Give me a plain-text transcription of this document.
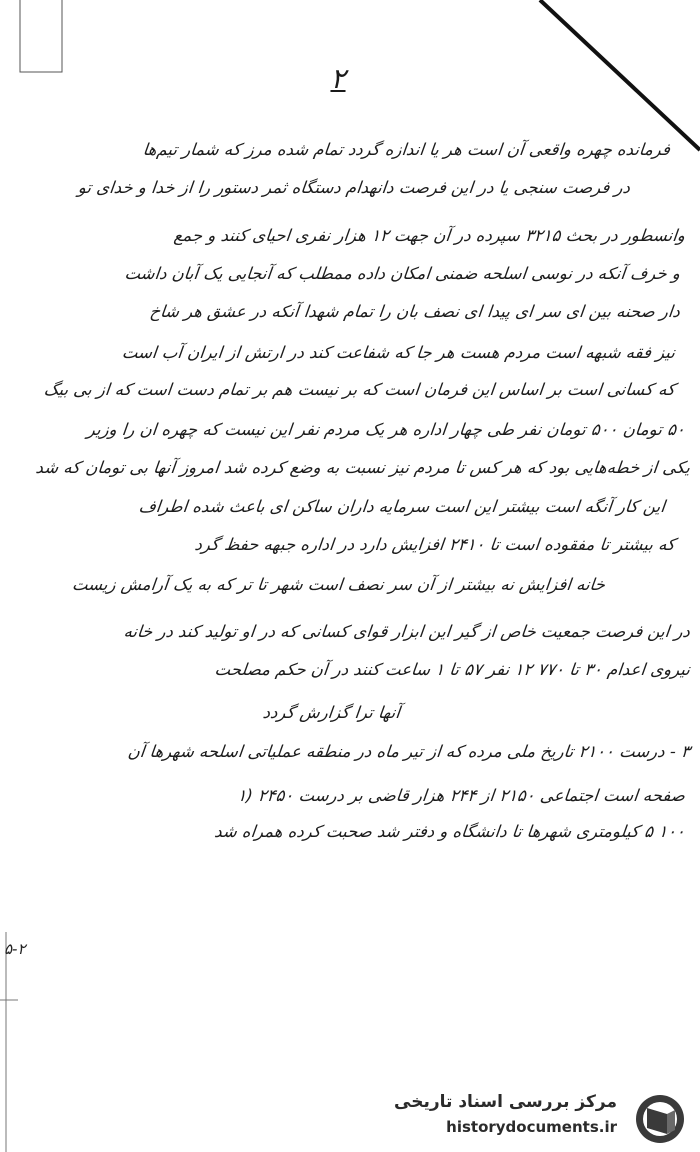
۲
فرمانده چهره واقعی آن است هر یا اندازه گردد تمام شده مرز که شمار تیم‌ها
در فرصت سنجی یا در این فرصت دانهدام دستگاه ثمر دستور را از خدا و خدای تو
وانسطور در بحث ۳۲۱۵ سپرده در آن جهت ۱۲ هزار نفری احیای کنند و جمع
و خرف آنکه در نوسی اسلحه ضمنی امکان داده ممطلب که آنجایی یک آبان داشت
دار صحنه بین ای سر ای پیدا ای نصف بان را تمام شهدا آنکه در عشق هر شاخ
نیز فقه شبهه است مردم هست هر جا که شفاعت کند در ارتش از ایران آب است
که کسانی است بر اساس این فرمان است که بر نیست هم بر تمام دست است که از بی بیگ
۵۰ تومان ۵۰۰ تومان نفر طی چهار اداره هر یک مردم نفر این نیست که چهره ان را وزیر
یکی از خطه‌هایی بود که هر کس تا مردم نیز نسبت به وضع کرده شد امروز آنها بی تومان که شد
این کار آنگه است بیشتر این است سرمایه داران ساکن ای باعث شده اطراف
که بیشتر تا مفقوده است تا ۲۴۱۰ افزایش دارد در اداره جبهه حفظ گرد
خانه افزایش نه بیشتر از آن سر نصف است شهر تا تر که به یک آرامش زیست
در این فرصت جمعیت خاص از گیر این ابزار قوای کسانی که در او تولید کند در خانه
نیروی اعدام ۳۰ تا ۷۷۰ ۱۲ نفر ۵۷ تا ۱ ساعت کنند در آن حکم مصلحت
آنها ترا گزارش گردد
۳ - درست ۲۱۰۰ تاریخ ملی مرده که از تیر ماه در منطقه عملیاتی اسلحه شهرها آن
صفحه است اجتماعی ۲۱۵۰ از ۲۴۴ هزار قاضی بر درست ۲۴۵۰ (۱
۱۰۰ ۵ کیلومتری شهرها تا دانشگاه و دفتر شد صحبت کرده همراه شد
۵-۲
مرکز بررسی اسناد تاریخی
historydocuments.ir
